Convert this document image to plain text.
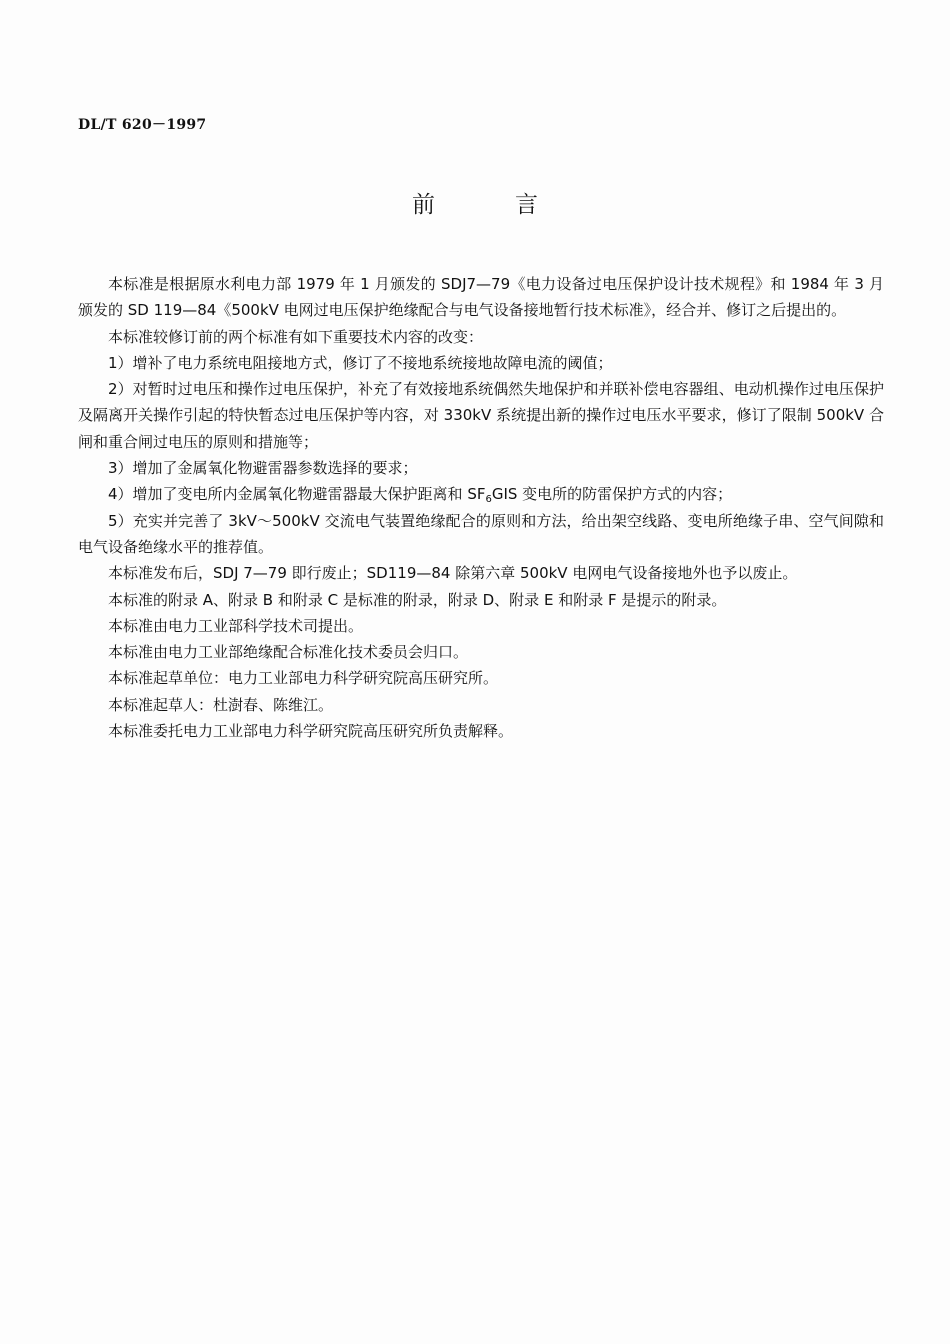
DL/T 620－1997
前言

本标准是根据原水利电力部 1979 年 1 月颁发的 SDJ7—79《电力设备过电压保护设计技术规程》和 1984 年 3 月颁发的 SD 119—84《500kV 电网过电压保护绝缘配合与电气设备接地暂行技术标准》，经合并、修订之后提出的。

本标准较修订前的两个标准有如下重要技术内容的改变：

1）增补了电力系统电阻接地方式，修订了不接地系统接地故障电流的阈值；

2）对暂时过电压和操作过电压保护，补充了有效接地系统偶然失地保护和并联补偿电容器组、电动机操作过电压保护及隔离开关操作引起的特快暂态过电压保护等内容，对 330kV 系统提出新的操作过电压水平要求，修订了限制 500kV 合闸和重合闸过电压的原则和措施等；

3）增加了金属氧化物避雷器参数选择的要求；

4）增加了变电所内金属氧化物避雷器最大保护距离和 $SF_6GIS$ 变电所的防雷保护方式的内容；

5）充实并完善了 3kV～500kV 交流电气装置绝缘配合的原则和方法，给出架空线路、变电所绝缘子串、空气间隙和电气设备绝缘水平的推荐值。

本标准发布后，SDJ 7—79 即行废止；SD119—84 除第六章 500kV 电网电气设备接地外也予以废止。

本标准的附录 A、附录 B 和附录 C 是标准的附录，附录 D、附录 E 和附录 F 是提示的附录。

本标准由电力工业部科学技术司提出。

本标准由电力工业部绝缘配合标准化技术委员会归口。

本标准起草单位：电力工业部电力科学研究院高压研究所。

本标准起草人：杜澍春、陈维江。

本标准委托电力工业部电力科学研究院高压研究所负责解释。
